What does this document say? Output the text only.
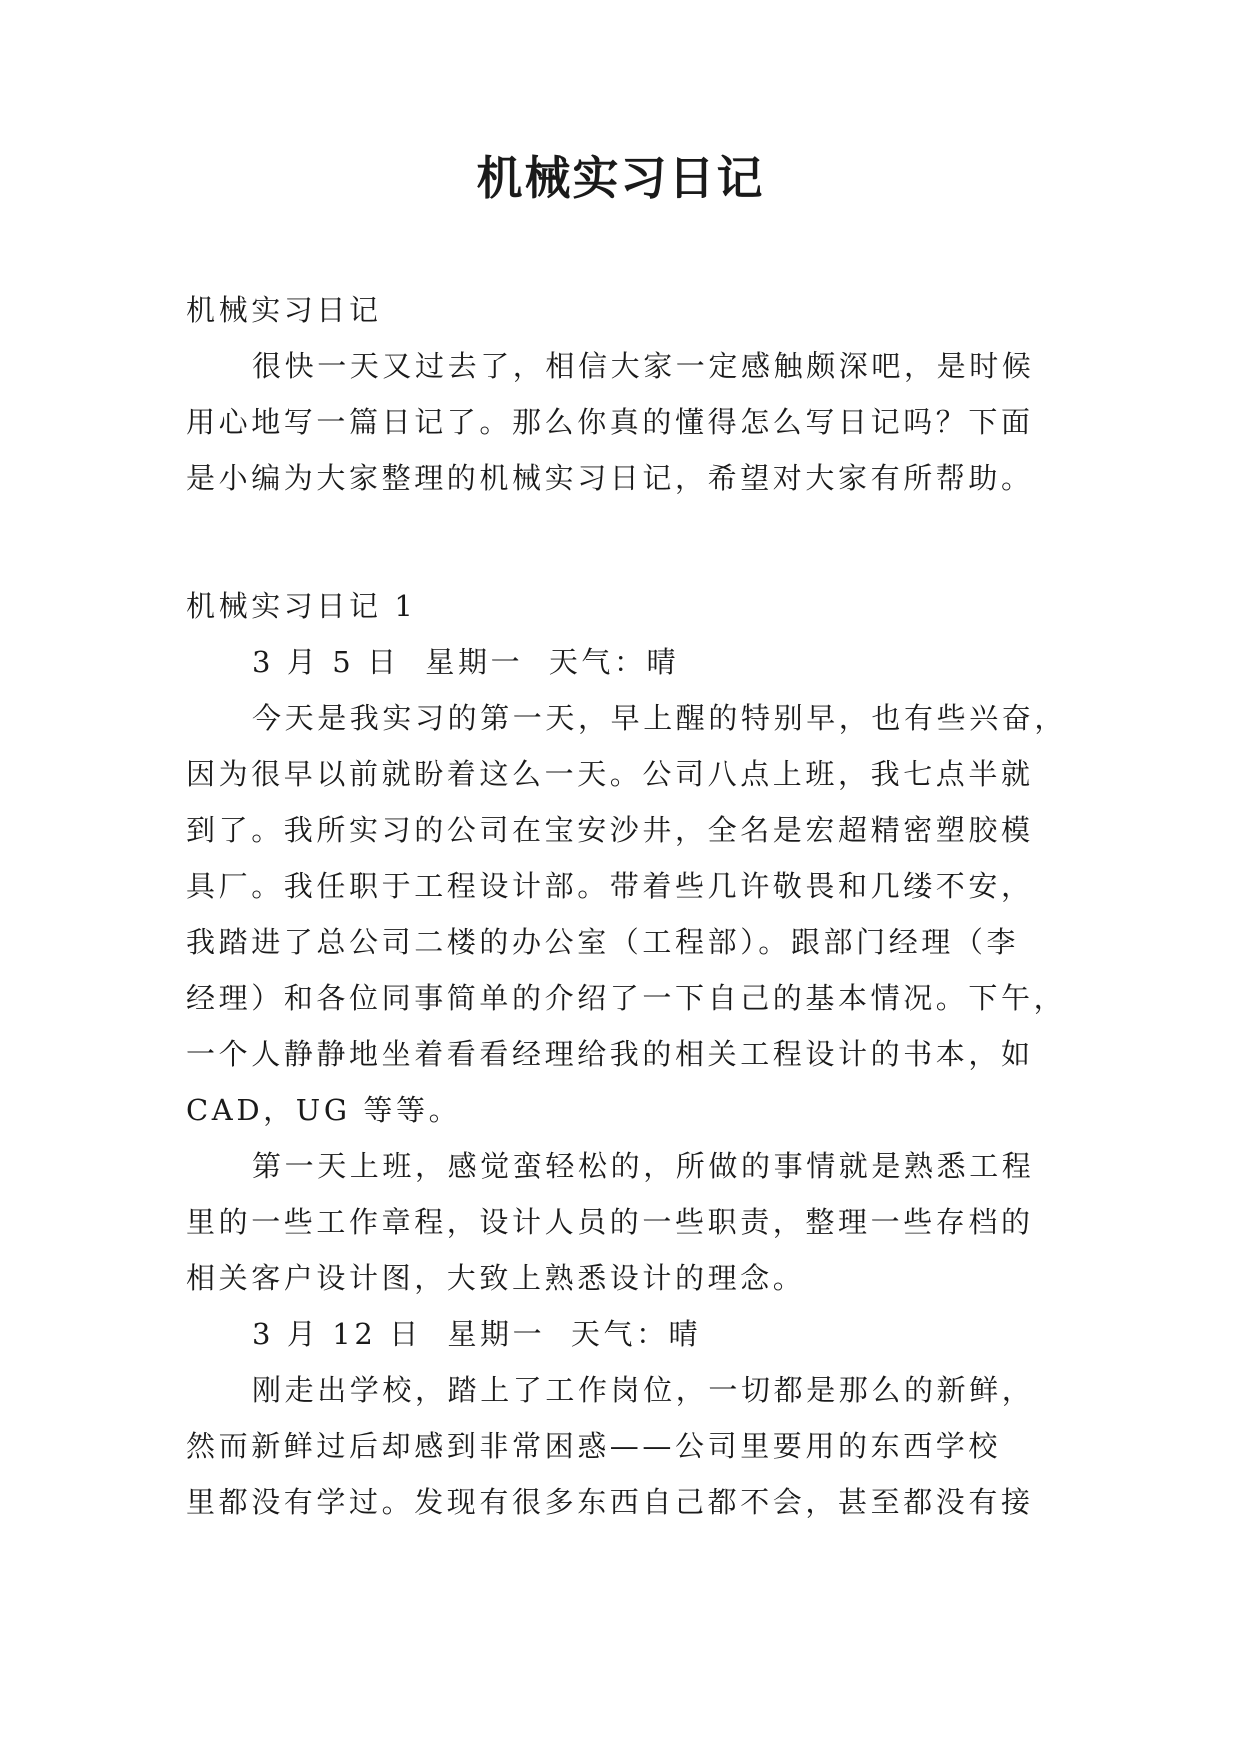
机械实习日记
机械实习日记
很快一天又过去了，相信大家一定感触颇深吧，是时候
用心地写一篇日记了。那么你真的懂得怎么写日记吗？下面
是小编为大家整理的机械实习日记，希望对大家有所帮助。
机械实习日记 1
3 月 5 日  星期一  天气：晴
今天是我实习的第一天，早上醒的特别早，也有些兴奋，
因为很早以前就盼着这么一天。公司八点上班，我七点半就
到了。我所实习的公司在宝安沙井，全名是宏超精密塑胶模
具厂。我任职于工程设计部。带着些几许敬畏和几缕不安，
我踏进了总公司二楼的办公室（工程部）。跟部门经理（李
经理）和各位同事简单的介绍了一下自己的基本情况。下午，
一个人静静地坐着看看经理给我的相关工程设计的书本，如
CAD，UG 等等。
第一天上班，感觉蛮轻松的，所做的事情就是熟悉工程
里的一些工作章程，设计人员的一些职责，整理一些存档的
相关客户设计图，大致上熟悉设计的理念。
3 月 12 日  星期一  天气：晴
刚走出学校，踏上了工作岗位，一切都是那么的新鲜，
然而新鲜过后却感到非常困惑——公司里要用的东西学校
里都没有学过。发现有很多东西自己都不会，甚至都没有接
